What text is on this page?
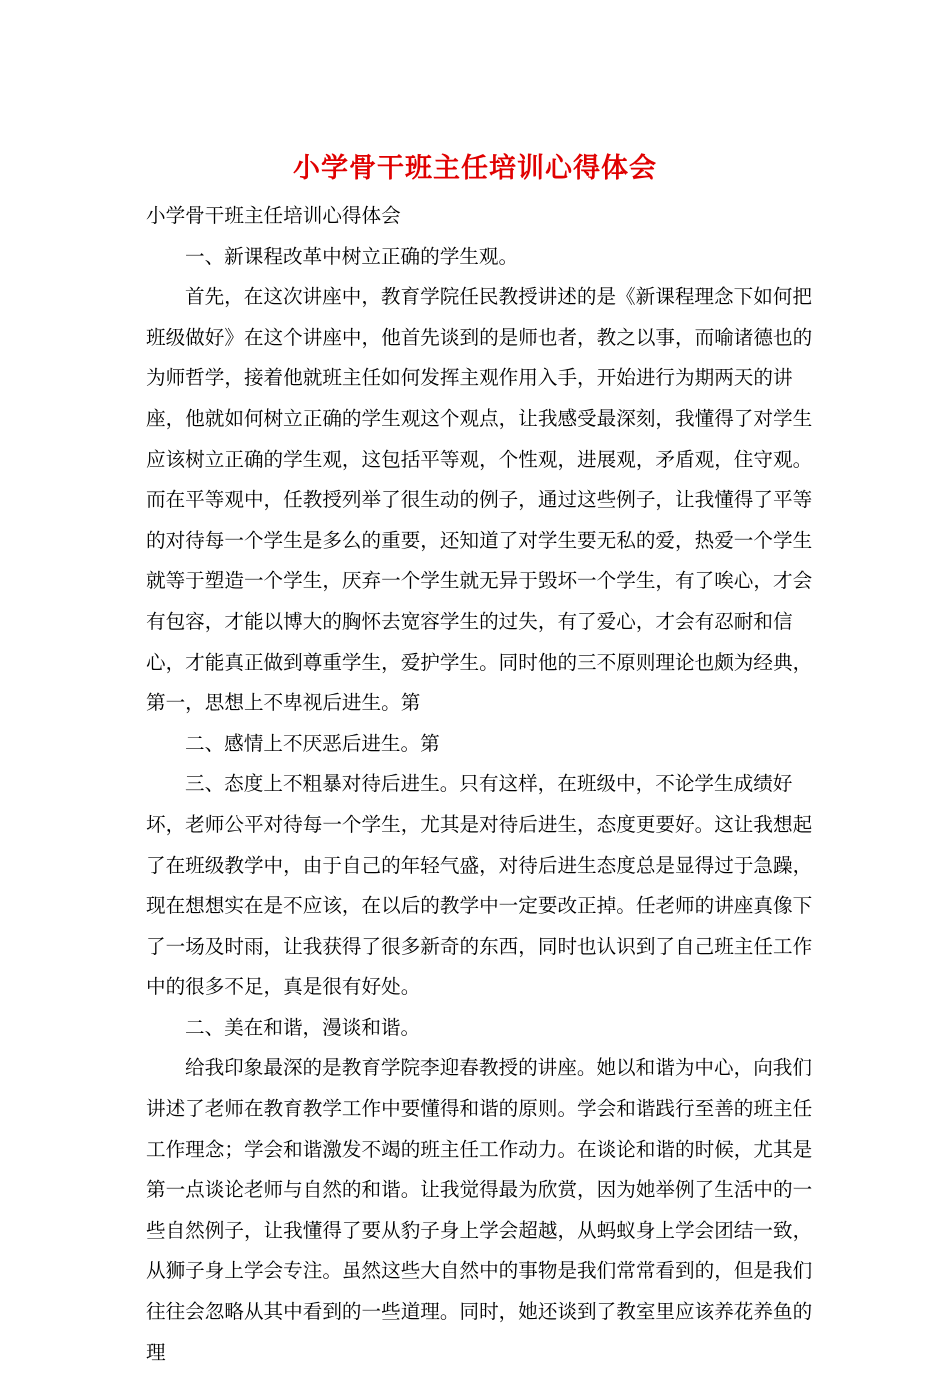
小学骨干班主任培训心得体会

小学骨干班主任培训心得体会

一、新课程改革中树立正确的学生观。

首先，在这次讲座中，教育学院任民教授讲述的是《新课程理念下如何把班级做好》在这个讲座中，他首先谈到的是师也者，教之以事，而喻诸德也的为师哲学，接着他就班主任如何发挥主观作用入手，开始进行为期两天的讲座，他就如何树立正确的学生观这个观点，让我感受最深刻，我懂得了对学生应该树立正确的学生观，这包括平等观，个性观，进展观，矛盾观，住守观。而在平等观中，任教授列举了很生动的例子，通过这些例子，让我懂得了平等的对待每一个学生是多么的重要，还知道了对学生要无私的爱，热爱一个学生就等于塑造一个学生，厌弃一个学生就无异于毁坏一个学生，有了唉心，才会有包容，才能以博大的胸怀去宽容学生的过失，有了爱心，才会有忍耐和信心，才能真正做到尊重学生，爱护学生。同时他的三不原则理论也颇为经典，第一，思想上不卑视后进生。第

二、感情上不厌恶后进生。第

三、态度上不粗暴对待后进生。只有这样，在班级中，不论学生成绩好坏，老师公平对待每一个学生，尤其是对待后进生，态度更要好。这让我想起了在班级教学中，由于自己的年轻气盛，对待后进生态度总是显得过于急躁，现在想想实在是不应该，在以后的教学中一定要改正掉。任老师的讲座真像下了一场及时雨，让我获得了很多新奇的东西，同时也认识到了自己班主任工作中的很多不足，真是很有好处。

二、美在和谐，漫谈和谐。

给我印象最深的是教育学院李迎春教授的讲座。她以和谐为中心，向我们讲述了老师在教育教学工作中要懂得和谐的原则。学会和谐践行至善的班主任工作理念；学会和谐激发不竭的班主任工作动力。在谈论和谐的时候，尤其是第一点谈论老师与自然的和谐。让我觉得最为欣赏，因为她举例了生活中的一些自然例子，让我懂得了要从豹子身上学会超越，从蚂蚁身上学会团结一致，从狮子身上学会专注。虽然这些大自然中的事物是我们常常看到的，但是我们往往会忽略从其中看到的一些道理。同时，她还谈到了教室里应该养花养鱼的理
